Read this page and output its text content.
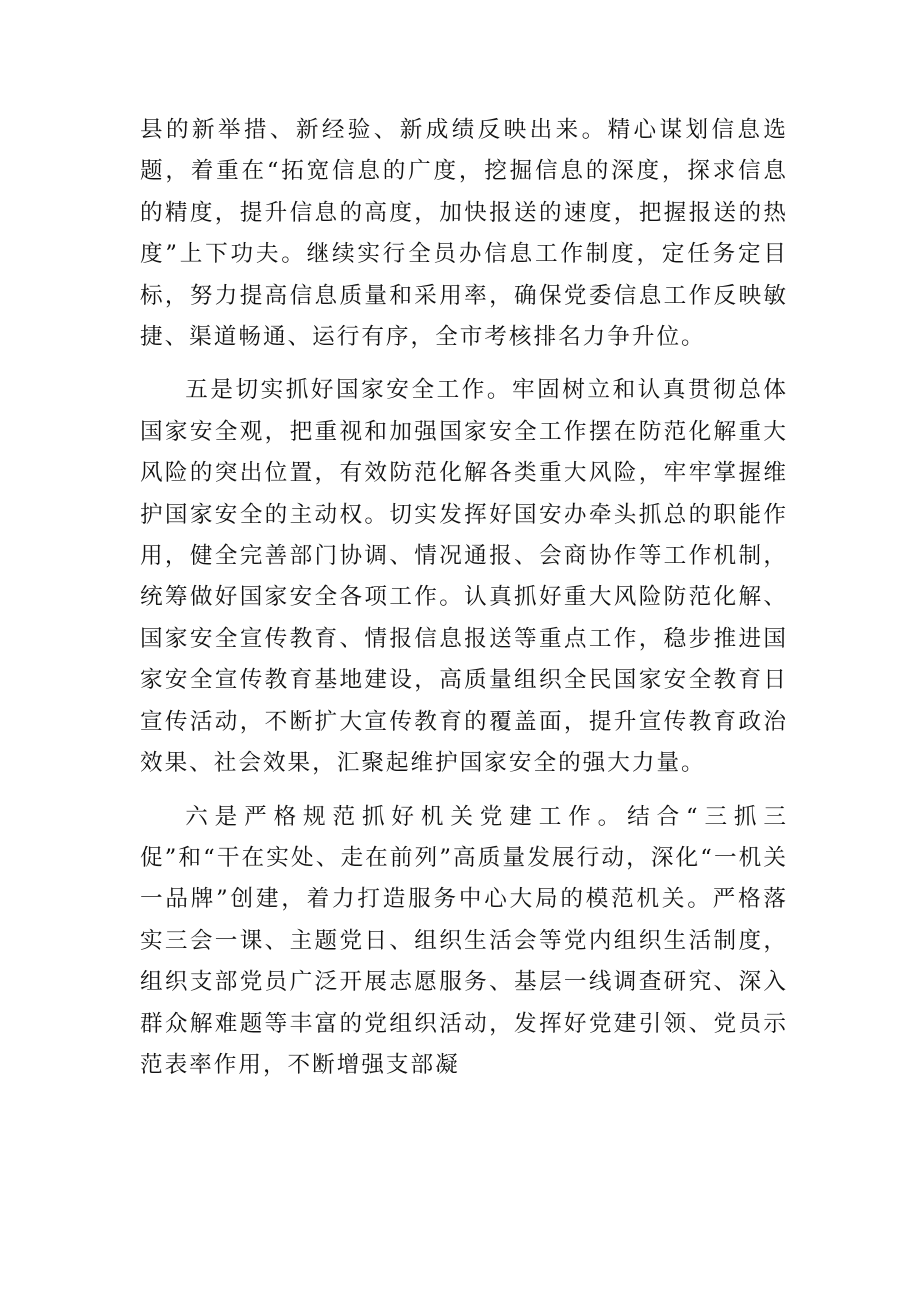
县的新举措、新经验、新成绩反映出来。精心谋划信息选题，着重在“拓宽信息的广度，挖掘信息的深度，探求信息的精度，提升信息的高度，加快报送的速度，把握报送的热度”上下功夫。继续实行全员办信息工作制度，定任务定目标，努力提高信息质量和采用率，确保党委信息工作反映敏捷、渠道畅通、运行有序，全市考核排名力争升位。

五是切实抓好国家安全工作。牢固树立和认真贯彻总体国家安全观，把重视和加强国家安全工作摆在防范化解重大风险的突出位置，有效防范化解各类重大风险，牢牢掌握维护国家安全的主动权。切实发挥好国安办牵头抓总的职能作用，健全完善部门协调、情况通报、会商协作等工作机制，统筹做好国家安全各项工作。认真抓好重大风险防范化解、国家安全宣传教育、情报信息报送等重点工作，稳步推进国家安全宣传教育基地建设，高质量组织全民国家安全教育日宣传活动，不断扩大宣传教育的覆盖面，提升宣传教育政治效果、社会效果，汇聚起维护国家安全的强大力量。

六是严格规范抓好机关党建工作。结合“三抓三促”和“干在实处、走在前列”高质量发展行动，深化“一机关一品牌”创建，着力打造服务中心大局的模范机关。严格落实三会一课、主题党日、组织生活会等党内组织生活制度，组织支部党员广泛开展志愿服务、基层一线调查研究、深入群众解难题等丰富的党组织活动，发挥好党建引领、党员示范表率作用，不断增强支部凝
